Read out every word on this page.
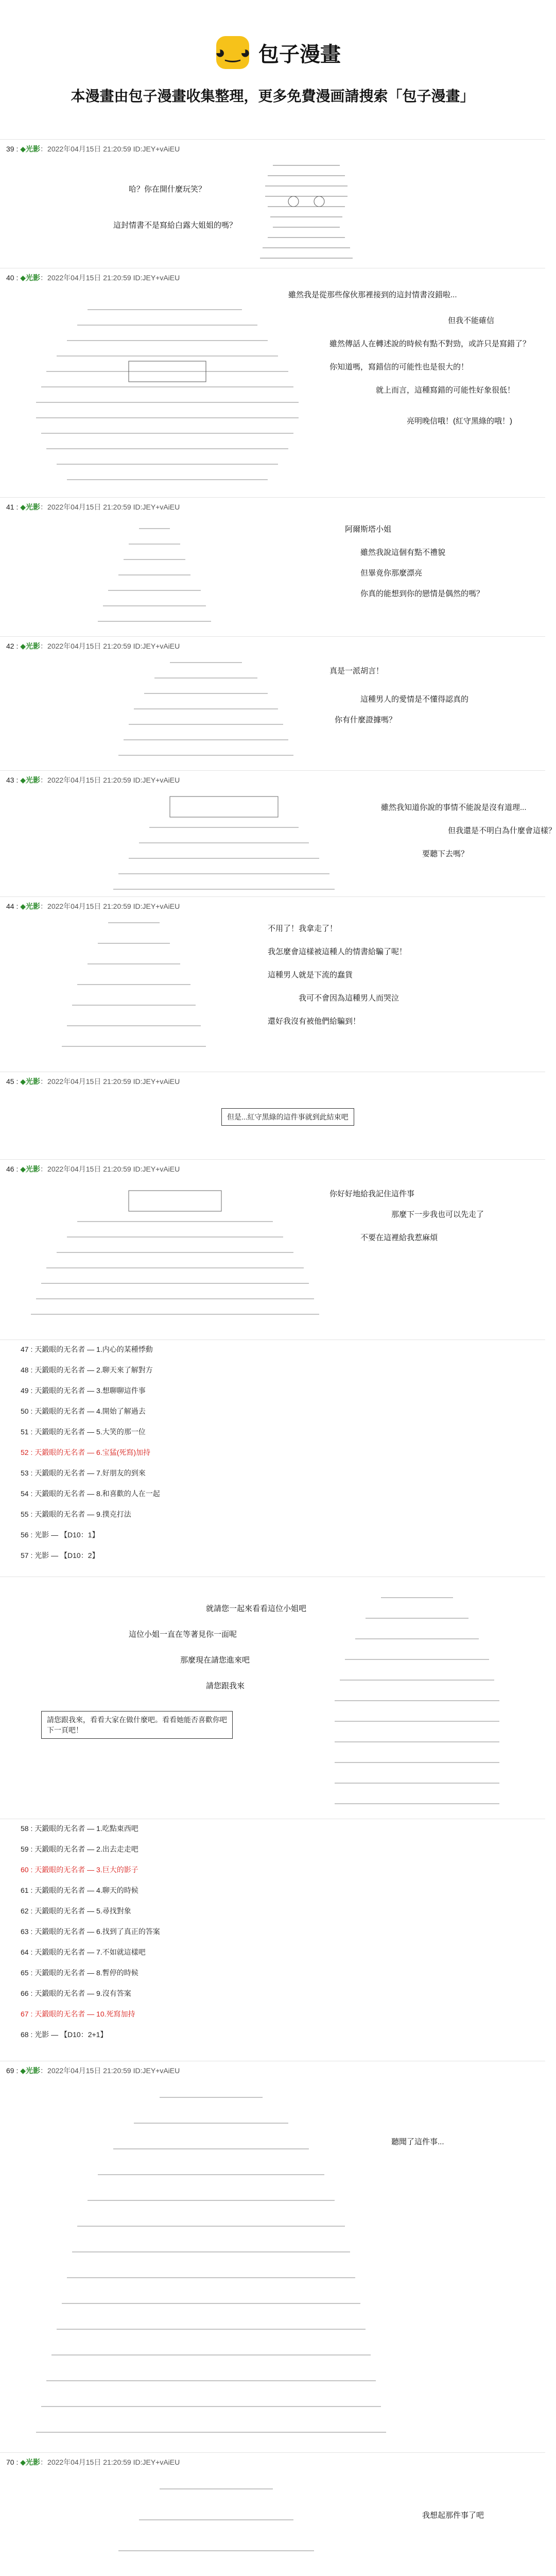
◕‿◕ 包子漫畫
本漫畫由包子漫畫收集整理，更多免費漫画請搜索「包子漫畫」
39 : ◆光影：2022年04月15日 21:20:59 ID:JEY+vAiEU
哈？你在開什麼玩笑？
這封情書不是寫給白露大姐姐的嗎？
40 : ◆光影：2022年04月15日 21:20:59 ID:JEY+vAiEU
雖然我是從那些傢伙那裡接到的這封情書沒錯啦...
但我不能確信
雖然傳話人在轉述說的時候有點不對勁，或許只是寫錯了？
你知道嗎，寫錯信的可能性也是很大的！
就上而言，這種寫錯的可能性好象很低！
亮明晚信哦！(紅守黑綠的哦！)
41 : ◆光影：2022年04月15日 21:20:59 ID:JEY+vAiEU
阿爾斯塔小姐
雖然我說這個有點不禮貌
但畢竟你那麼漂亮
你真的能想到你的戀情是偶然的嗎？
42 : ◆光影：2022年04月15日 21:20:59 ID:JEY+vAiEU
真是一派胡言！
這種男人的愛情是不懂得認真的
你有什麼證據嗎？
43 : ◆光影：2022年04月15日 21:20:59 ID:JEY+vAiEU
雖然我知道你說的事情不能說是沒有道理...
但我還是不明白為什麼會這樣？
要聽下去嗎？
44 : ◆光影：2022年04月15日 21:20:59 ID:JEY+vAiEU
不用了！我拿走了！
我怎麼會這樣被這種人的情書給騙了呢！
這種男人就是下流的蠢貨
我可不會因為這種男人而哭泣
還好我沒有被他們給騙到！
45 : ◆光影：2022年04月15日 21:20:59 ID:JEY+vAiEU
但是...紅守黑綠的這件事就到此結束吧
46 : ◆光影：2022年04月15日 21:20:59 ID:JEY+vAiEU
你好好地給我記住這件事
那麼下一步我也可以先走了
不要在這裡給我惹麻煩
47 : 天鍛眼的无名者 — 1.内心的某種悸動
48 : 天鍛眼的无名者 — 2.聊天來了解對方
49 : 天鍛眼的无名者 — 3.想聊聊這件事
50 : 天鍛眼的无名者 — 4.開始了解過去
51 : 天鍛眼的无名者 — 5.大笑的那一位
52 : 天鍛眼的无名者 — 6.宝猛(死寫)加持
53 : 天鍛眼的无名者 — 7.好朋友的到來
54 : 天鍛眼的无名者 — 8.和喜歡的人在一起
55 : 天鍛眼的无名者 — 9.撲克打法
56 : 光影 — 【D10：1】
57 : 光影 — 【D10：2】
就請您一起來看看這位小姐吧
這位小姐一直在等著見你一面呢
那麼現在請您進來吧
請您跟我來
請您跟我來，看看大家在做什麼吧。看看她能否喜歡你吧
下一頁吧！
58 : 天鍛眼的无名者 — 1.吃點東西吧
59 : 天鍛眼的无名者 — 2.出去走走吧
60 : 天鍛眼的无名者 — 3.巨大的影子
61 : 天鍛眼的无名者 — 4.聊天的時候
62 : 天鍛眼的无名者 — 5.尋找對象
63 : 天鍛眼的无名者 — 6.找到了真正的答案
64 : 天鍛眼的无名者 — 7.不如就這樣吧
65 : 天鍛眼的无名者 — 8.暫停的時候
66 : 天鍛眼的无名者 — 9.沒有答案
67 : 天鍛眼的无名者 — 10.死寫加持
68 : 光影 — 【D10：2+1】
69 : ◆光影：2022年04月15日 21:20:59 ID:JEY+vAiEU
聽聞了這件事...
70 : ◆光影：2022年04月15日 21:20:59 ID:JEY+vAiEU
我想起那件事了吧
